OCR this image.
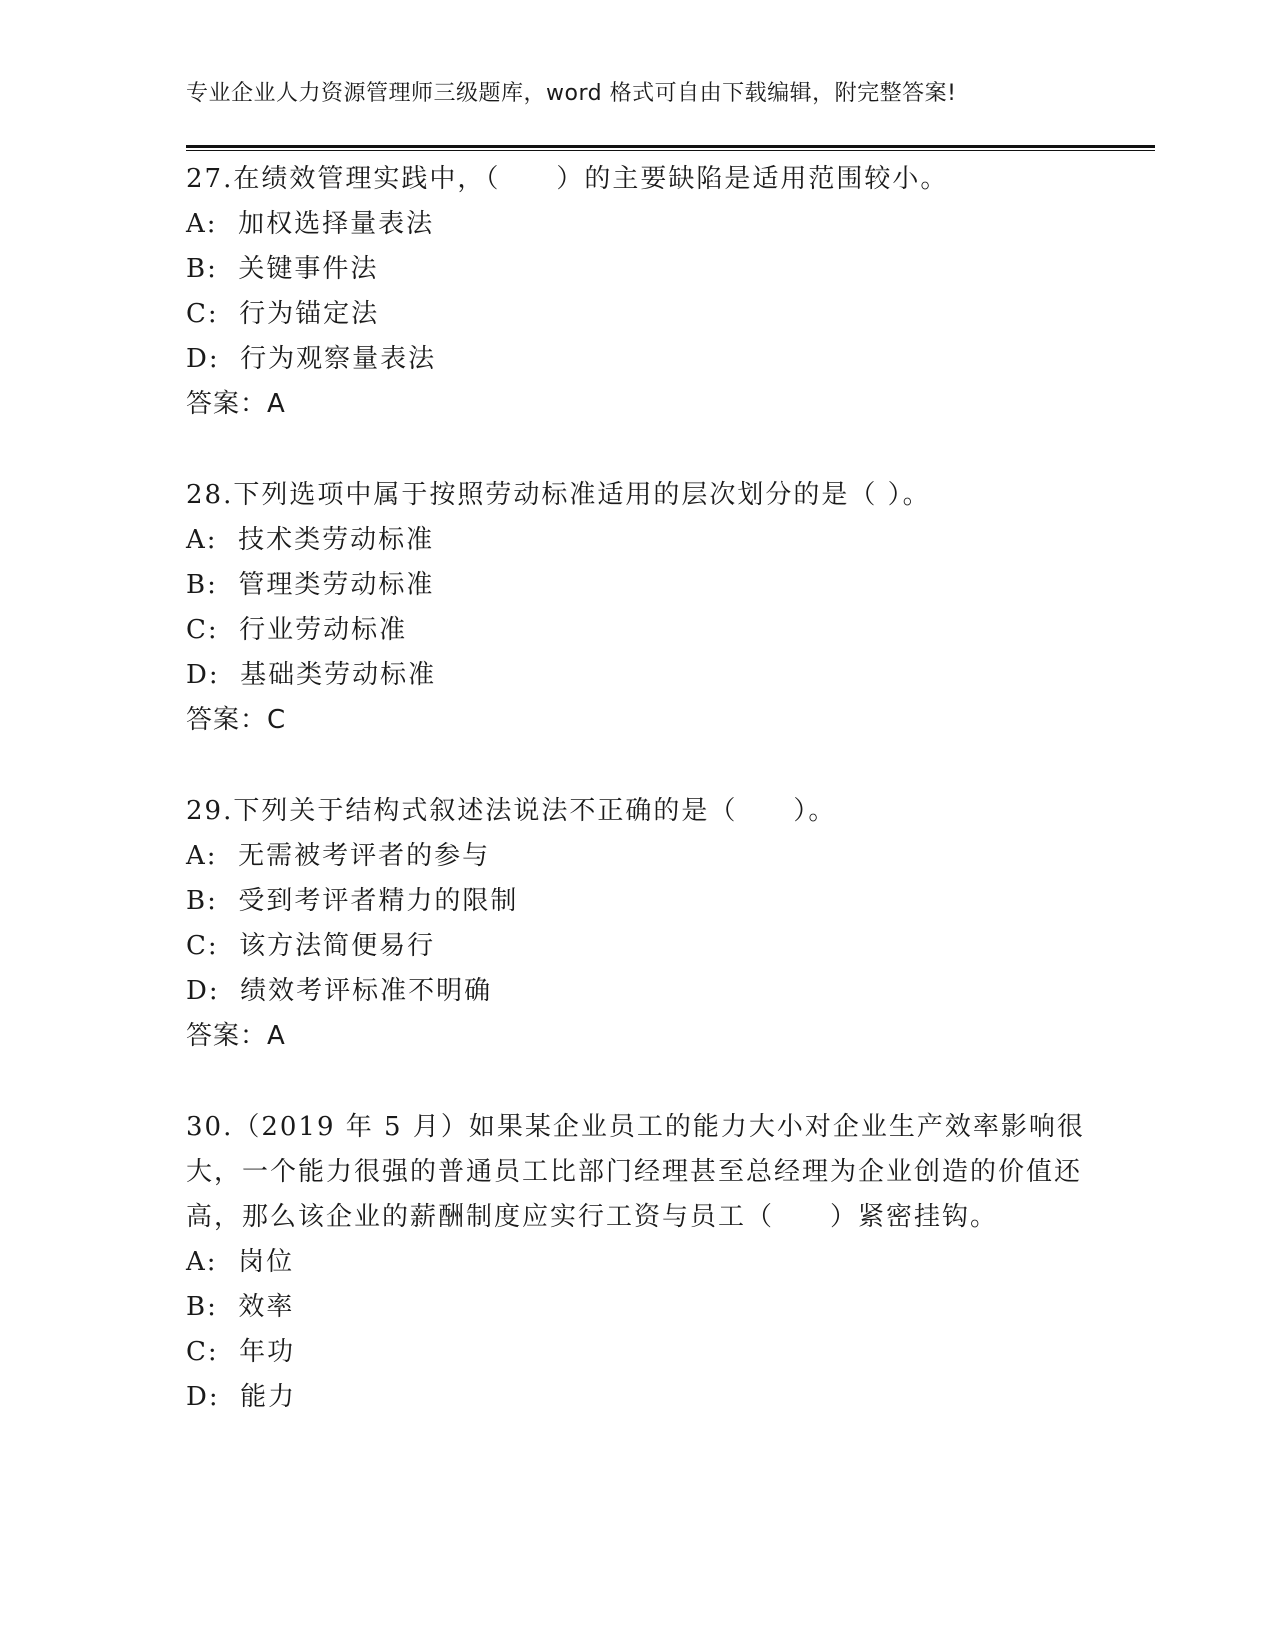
专业企业人力资源管理师三级题库，word 格式可自由下载编辑，附完整答案!

27.在绩效管理实践中，（　　）的主要缺陷是适用范围较小。

A:  加权选择量表法

B:  关键事件法

C:  行为锚定法

D:  行为观察量表法

答案：A

28.下列选项中属于按照劳动标准适用的层次划分的是（ ）。

A:  技术类劳动标准

B:  管理类劳动标准

C:  行业劳动标准

D:  基础类劳动标准

答案：C

29.下列关于结构式叙述法说法不正确的是（　　）。

A:  无需被考评者的参与

B:  受到考评者精力的限制

C:  该方法简便易行

D:  绩效考评标准不明确

答案：A

30.（2019 年 5 月）如果某企业员工的能力大小对企业生产效率影响很大，一个能力很强的普通员工比部门经理甚至总经理为企业创造的价值还高，那么该企业的薪酬制度应实行工资与员工（　　）紧密挂钩。

A:  岗位

B:  效率

C:  年功

D:  能力
